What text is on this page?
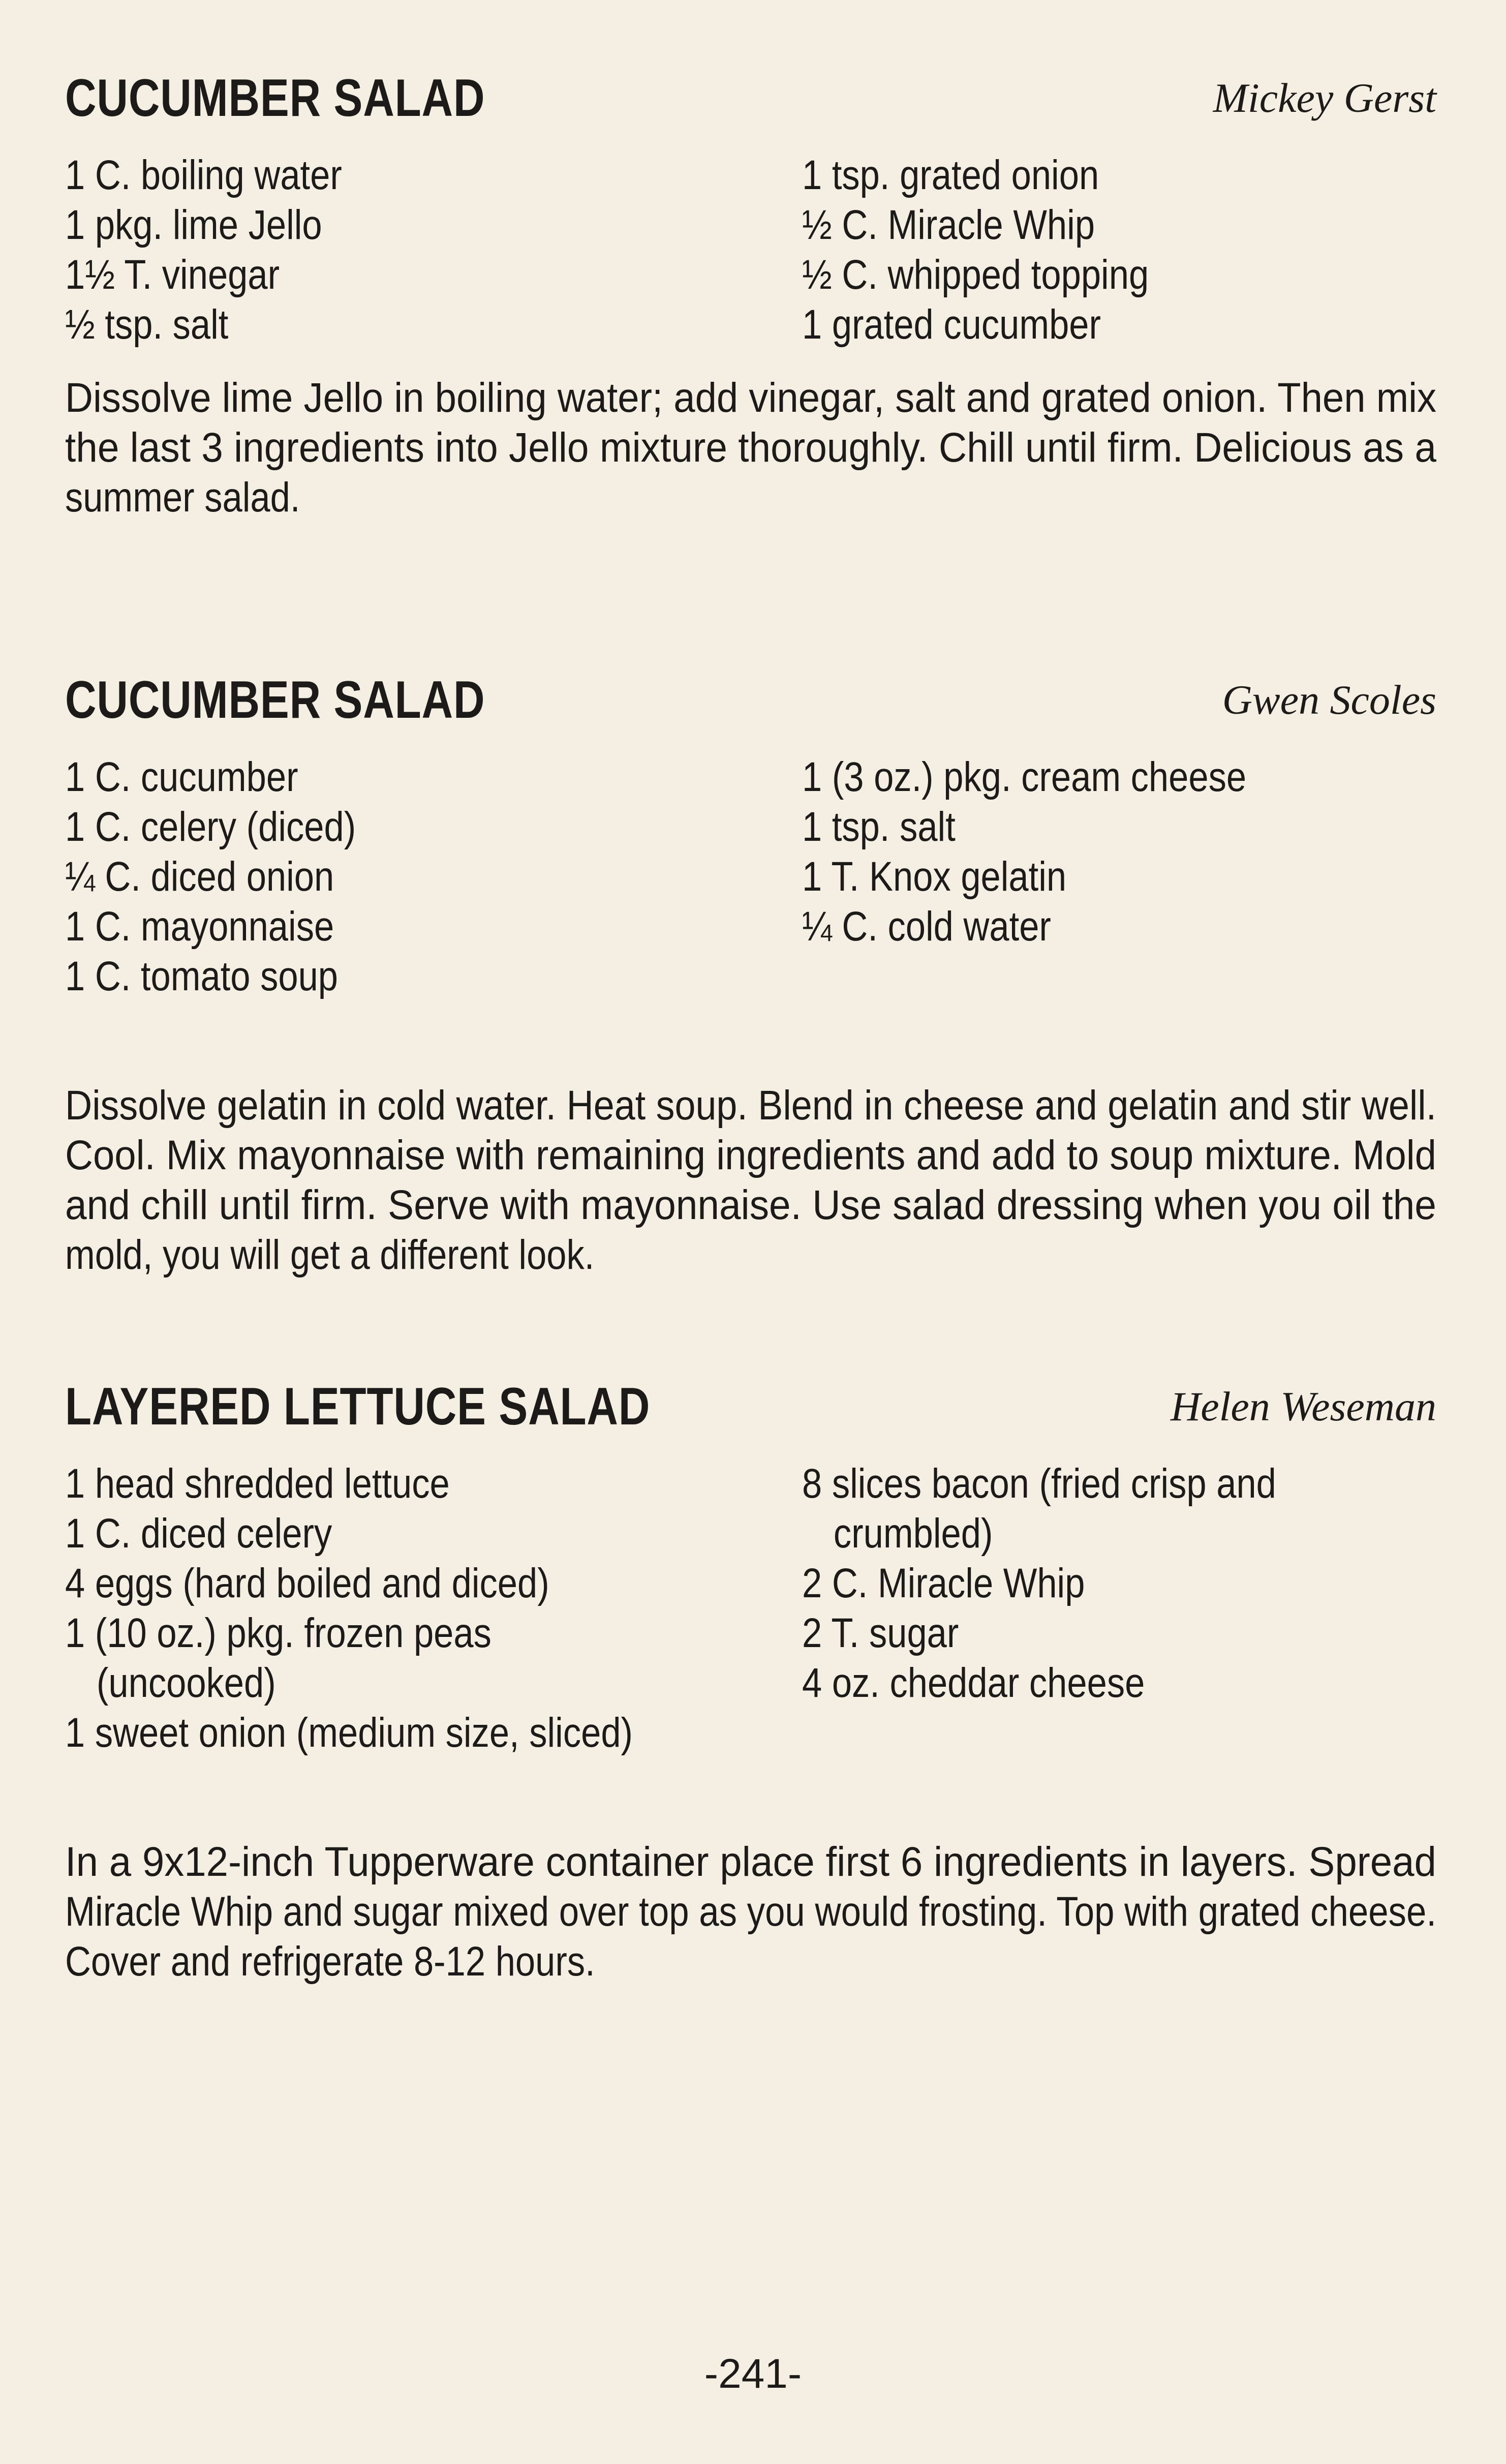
CUCUMBER SALAD	Mickey Gerst
1 C. boiling water
1 pkg. lime Jello
1½ T. vinegar
½ tsp. salt
1 tsp. grated onion
½ C. Miracle Whip
½ C. whipped topping
1 grated cucumber
Dissolve lime Jello in boiling water; add vinegar, salt and grated onion. Then mix
the last 3 ingredients into Jello mixture thoroughly. Chill until firm. Delicious as a
summer salad.
CUCUMBER SALAD	Gwen Scoles
1 C. cucumber
1 C. celery (diced)
¼ C. diced onion
1 C. mayonnaise
1 C. tomato soup
1 (3 oz.) pkg. cream cheese
1 tsp. salt
1 T. Knox gelatin
¼ C. cold water
Dissolve gelatin in cold water. Heat soup. Blend in cheese and gelatin and stir well.
Cool. Mix mayonnaise with remaining ingredients and add to soup mixture. Mold
and chill until firm. Serve with mayonnaise. Use salad dressing when you oil the
mold, you will get a different look.
LAYERED LETTUCE SALAD	Helen Weseman
1 head shredded lettuce
1 C. diced celery
4 eggs (hard boiled and diced)
1 (10 oz.) pkg. frozen peas
(uncooked)
1 sweet onion (medium size, sliced)
8 slices bacon (fried crisp and
crumbled)
2 C. Miracle Whip
2 T. sugar
4 oz. cheddar cheese
In a 9x12-inch Tupperware container place first 6 ingredients in layers. Spread
Miracle Whip and sugar mixed over top as you would frosting. Top with grated cheese.
Cover and refrigerate 8-12 hours.
-241-
